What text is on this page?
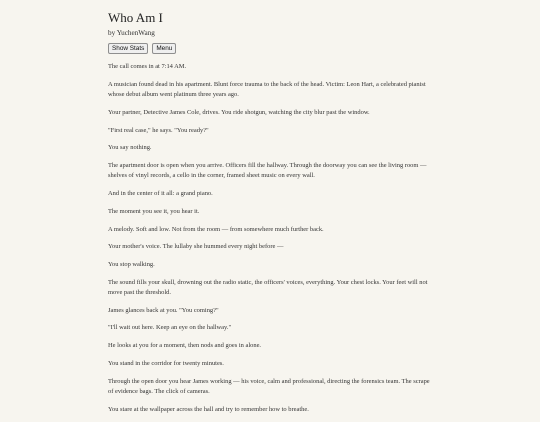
Who Am I
by YuchenWang
Show Stats	Menu

The call comes in at 7:14 AM.

A musician found dead in his apartment. Blunt force trauma to the back of the head. Victim: Leon Hart, a celebrated pianist whose debut album went platinum three years ago.

Your partner, Detective James Cole, drives. You ride shotgun, watching the city blur past the window.

"First real case," he says. "You ready?"

You say nothing.

The apartment door is open when you arrive. Officers fill the hallway. Through the doorway you can see the living room — shelves of vinyl records, a cello in the corner, framed sheet music on every wall.

And in the center of it all: a grand piano.

The moment you see it, you hear it.

A melody. Soft and low. Not from the room — from somewhere much further back.

Your mother's voice. The lullaby she hummed every night before —

You stop walking.

The sound fills your skull, drowning out the radio static, the officers' voices, everything. Your chest locks. Your feet will not move past the threshold.

James glances back at you. "You coming?"

"I'll wait out here. Keep an eye on the hallway."

He looks at you for a moment, then nods and goes in alone.

You stand in the corridor for twenty minutes.

Through the open door you hear James working — his voice, calm and professional, directing the forensics team. The scrape of evidence bags. The click of cameras.

You stare at the wallpaper across the hall and try to remember how to breathe.
